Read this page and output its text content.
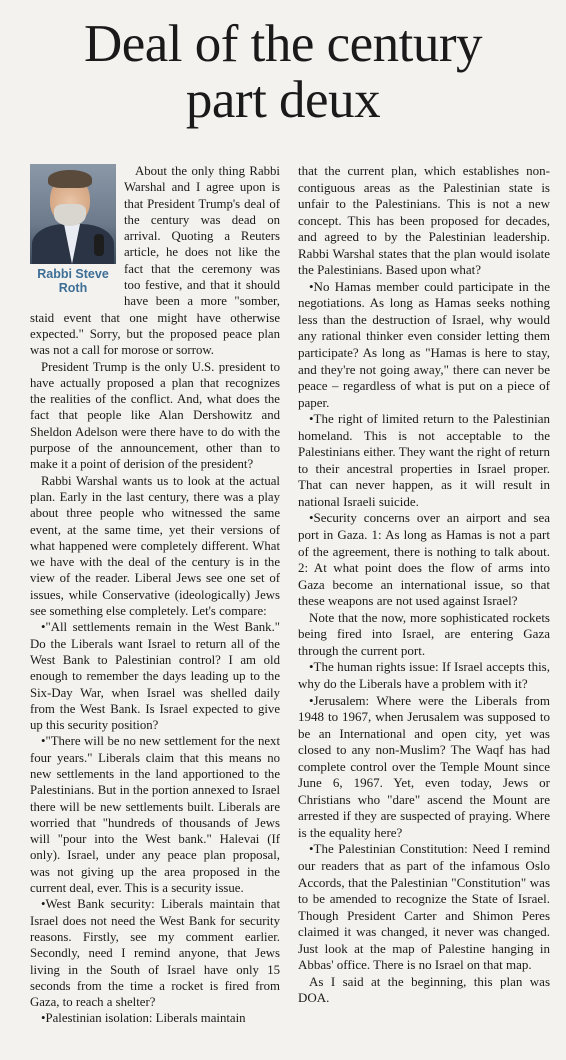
Deal of the century
part deux
Rabbi Steve
Roth

About the only thing Rabbi Warshal and I agree upon is that President Trump's deal of the century was dead on arrival. Quoting a Reuters article, he does not like the fact that the ceremony was too festive, and that it should have been a more "somber, staid event that one might have otherwise expected." Sorry, but the proposed peace plan was not a call for morose or sorrow.

President Trump is the only U.S. president to have actually proposed a plan that recognizes the realities of the conflict. And, what does the fact that people like Alan Dershowitz and Sheldon Adelson were there have to do with the purpose of the announcement, other than to make it a point of derision of the president?

Rabbi Warshal wants us to look at the actual plan. Early in the last century, there was a play about three people who witnessed the same event, at the same time, yet their versions of what happened were completely different. What we have with the deal of the century is in the view of the reader. Liberal Jews see one set of issues, while Conservative (ideologically) Jews see something else completely. Let's compare:

•"All settlements remain in the West Bank." Do the Liberals want Israel to return all of the West Bank to Palestinian control? I am old enough to remember the days leading up to the Six-Day War, when Israel was shelled daily from the West Bank. Is Israel expected to give up this security position?

•"There will be no new settlement for the next four years." Liberals claim that this means no new settlements in the land apportioned to the Palestinians. But in the portion annexed to Israel there will be new settlements built. Liberals are worried that "hundreds of thousands of Jews will "pour into the West bank." Halevai (If only). Israel, under any peace plan proposal, was not giving up the area proposed in the current deal, ever. This is a security issue.

•West Bank security: Liberals maintain that Israel does not need the West Bank for security reasons. Firstly, see my comment earlier. Secondly, need I remind anyone, that Jews living in the South of Israel have only 15 seconds from the time a rocket is fired from Gaza, to reach a shelter?

•Palestinian isolation: Liberals maintain

that the current plan, which establishes non-contiguous areas as the Palestinian state is unfair to the Palestinians. This is not a new concept. This has been proposed for decades, and agreed to by the Palestinian leadership. Rabbi Warshal states that the plan would isolate the Palestinians. Based upon what?

•No Hamas member could participate in the negotiations. As long as Hamas seeks nothing less than the destruction of Israel, why would any rational thinker even consider letting them participate? As long as "Hamas is here to stay, and they're not going away," there can never be peace – regardless of what is put on a piece of paper.

•The right of limited return to the Palestinian homeland. This is not acceptable to the Palestinians either. They want the right of return to their ancestral properties in Israel proper. That can never happen, as it will result in national Israeli suicide.

•Security concerns over an airport and sea port in Gaza. 1: As long as Hamas is not a part of the agreement, there is nothing to talk about. 2: At what point does the flow of arms into Gaza become an international issue, so that these weapons are not used against Israel?

Note that the now, more sophisticated rockets being fired into Israel, are entering Gaza through the current port.

•The human rights issue: If Israel accepts this, why do the Liberals have a problem with it?

•Jerusalem: Where were the Liberals from 1948 to 1967, when Jerusalem was supposed to be an International and open city, yet was closed to any non-Muslim? The Waqf has had complete control over the Temple Mount since June 6, 1967. Yet, even today, Jews or Christians who "dare" ascend the Mount are arrested if they are suspected of praying. Where is the equality here?

•The Palestinian Constitution: Need I remind our readers that as part of the infamous Oslo Accords, that the Palestinian "Constitution" was to be amended to recognize the State of Israel. Though President Carter and Shimon Peres claimed it was changed, it never was changed. Just look at the map of Palestine hanging in Abbas' office. There is no Israel on that map.

As I said at the beginning, this plan was DOA.
